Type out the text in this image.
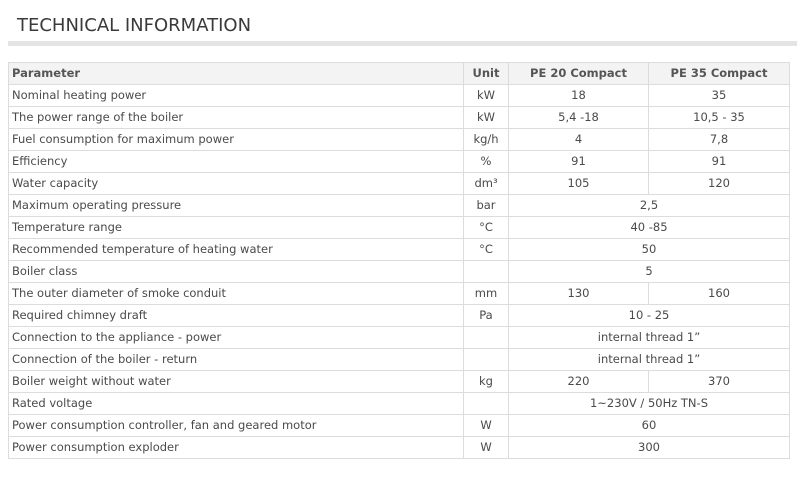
TECHNICAL INFORMATION
Parameter	Unit	PE 20 Compact	PE 35 Compact
Nominal heating power	kW	18	35
The power range of the boiler	kW	5,4 -18	10,5 - 35
Fuel consumption for maximum power	kg/h	4	7,8
Efficiency	%	91	91
Water capacity	dm³	105	120
Maximum operating pressure	bar	2,5	
Temperature range	°C	40 -85	
Recommended temperature of heating water	°C	50	
Boiler class		5	
The outer diameter of smoke conduit	mm	130	160
Required chimney draft	Pa	10 - 25	
Connection to the appliance - power		internal thread 1”	
Connection of the boiler - return		internal thread 1”	
Boiler weight without water	kg	220	370
Rated voltage		1~230V / 50Hz TN-S	
Power consumption controller, fan and geared motor	W	60	
Power consumption exploder	W	300	
